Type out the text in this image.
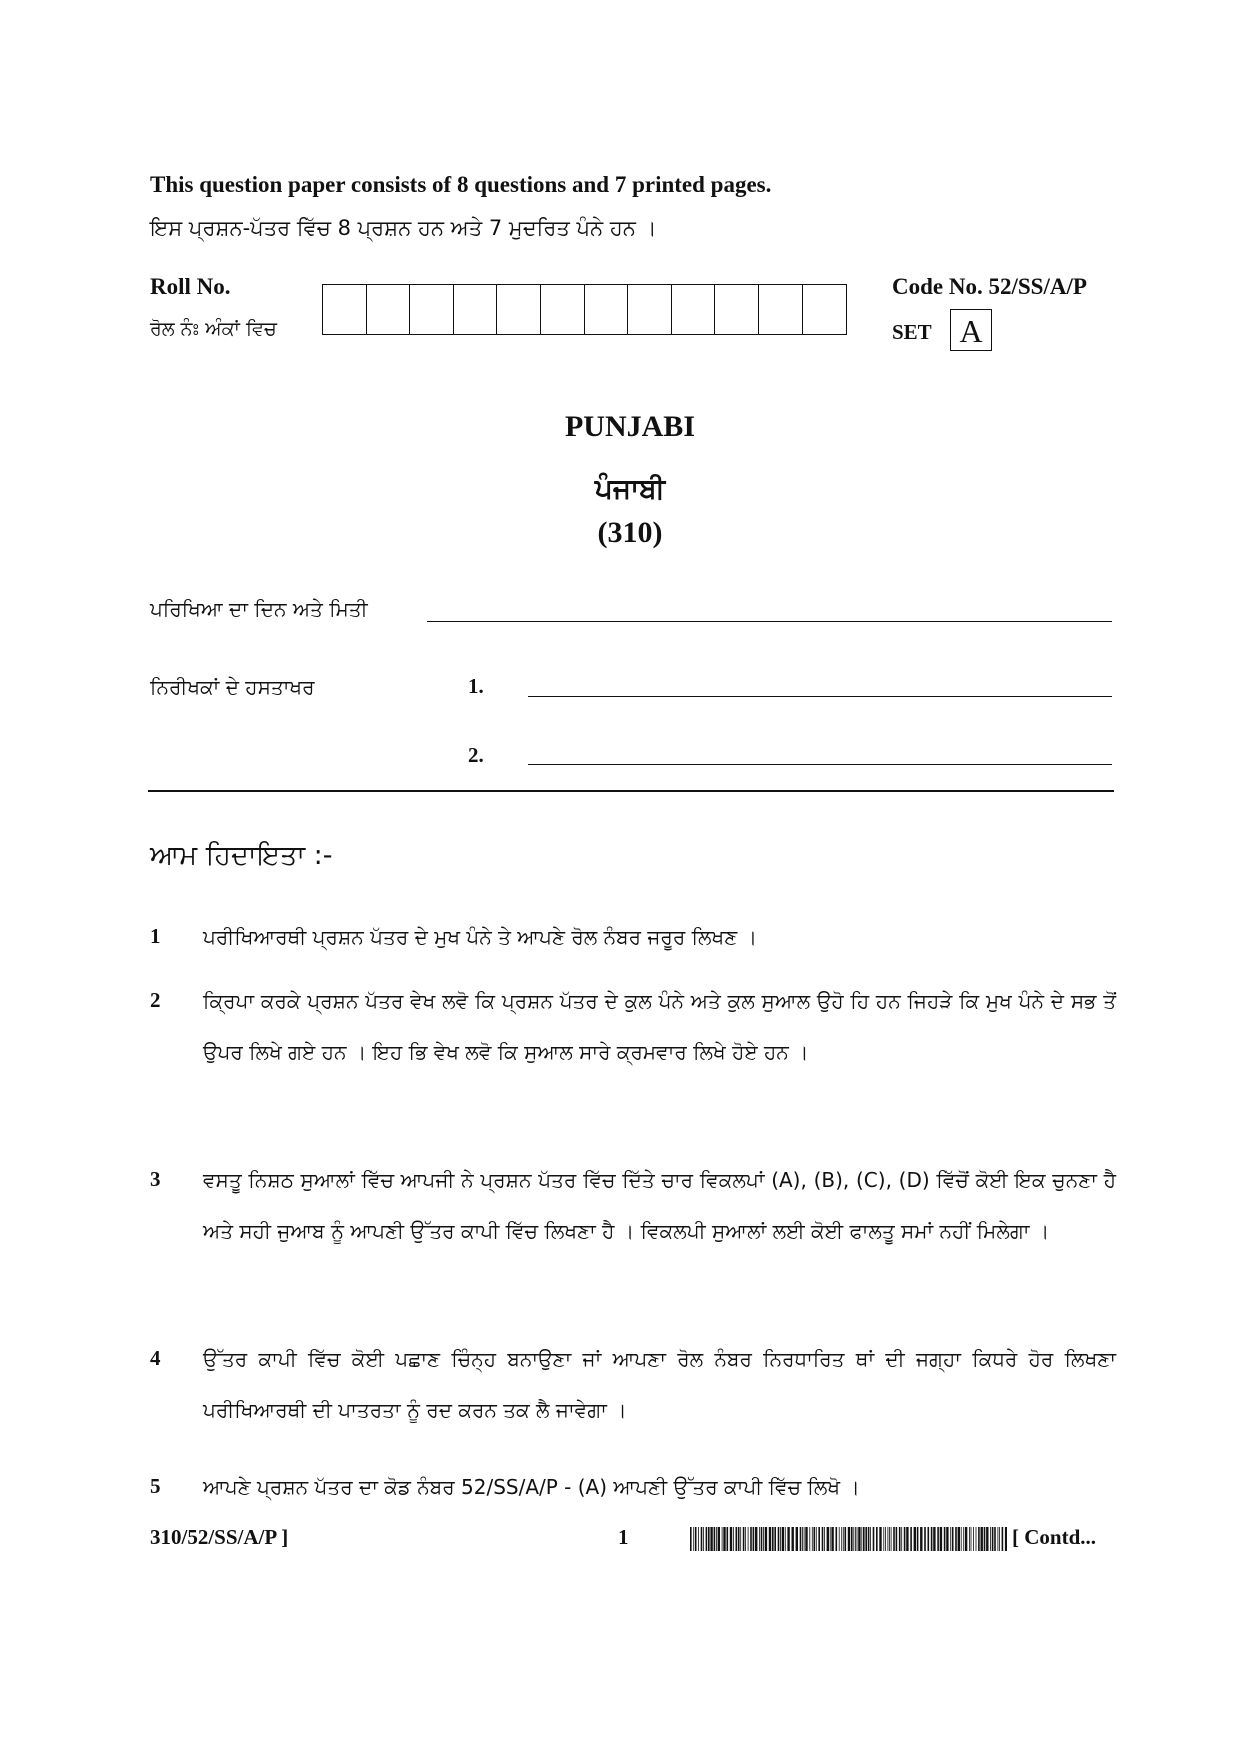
This question paper consists of 8 questions and 7 printed pages.
ਇਸ ਪ੍ਰਸ਼ਨ-ਪੱਤਰ ਵਿੱਚ 8 ਪ੍ਰਸ਼ਨ ਹਨ ਅਤੇ 7 ਮੁਦਰਿਤ ਪੰਨੇ ਹਨ ।
Roll No.
ਰੋਲ ਨੰਃ ਅੰਕਾਂ ਵਿਚ
Code No. 52/SS/A/P
SET A
PUNJABI
ਪੰਜਾਬੀ
(310)
ਪਰਿਖਿਆ ਦਾ ਦਿਨ ਅਤੇ ਮਿਤੀ
ਨਿਰੀਖਕਾਂ ਦੇ ਹਸਤਾਖਰ	1.
2.
ਆਮ ਹਿਦਾਇਤਾ :-
1 ਪਰੀਖਿਆਰਥੀ ਪ੍ਰਸ਼ਨ ਪੱਤਰ ਦੇ ਮੁਖ ਪੰਨੇ ਤੇ ਆਪਣੇ ਰੋਲ ਨੰਬਰ ਜਰੂਰ ਲਿਖਣ ।
2 ਕ੍ਰਿਪਾ ਕਰਕੇ ਪ੍ਰਸ਼ਨ ਪੱਤਰ ਵੇਖ ਲਵੋ ਕਿ ਪ੍ਰਸ਼ਨ ਪੱਤਰ ਦੇ ਕੁਲ ਪੰਨੇ ਅਤੇ ਕੁਲ ਸੁਆਲ ਉਹੋ ਹਿ ਹਨ ਜਿਹੜੇ ਕਿ ਮੁਖ ਪੰਨੇ ਦੇ ਸਭ ਤੋਂ ਉਪਰ ਲਿਖੇ ਗਏ ਹਨ । ਇਹ ਭਿ ਵੇਖ ਲਵੋ ਕਿ ਸੁਆਲ ਸਾਰੇ ਕ੍ਰਮਵਾਰ ਲਿਖੇ ਹੋਏ ਹਨ ।
3 ਵਸਤੂ ਨਿਸ਼ਠ ਸੁਆਲਾਂ ਵਿੱਚ ਆਪਜੀ ਨੇ ਪ੍ਰਸ਼ਨ ਪੱਤਰ ਵਿੱਚ ਦਿੱਤੇ ਚਾਰ ਵਿਕਲਪਾਂ (A), (B), (C), (D) ਵਿੱਚੋਂ ਕੋਈ ਇਕ ਚੁਨਣਾ ਹੈ ਅਤੇ ਸਹੀ ਜੁਆਬ ਨੂੰ ਆਪਣੀ ਉੱਤਰ ਕਾਪੀ ਵਿੱਚ ਲਿਖਣਾ ਹੈ । ਵਿਕਲਪੀ ਸੁਆਲਾਂ ਲਈ ਕੋਈ ਫਾਲਤੂ ਸਮਾਂ ਨਹੀਂ ਮਿਲੇਗਾ ।
4 ਉੱਤਰ ਕਾਪੀ ਵਿੱਚ ਕੋਈ ਪਛਾਣ ਚਿੰਨ੍ਹ ਬਨਾਉਣਾ ਜਾਂ ਆਪਣਾ ਰੋਲ ਨੰਬਰ ਨਿਰਧਾਰਿਤ ਥਾਂ ਦੀ ਜਗ੍ਹਾ ਕਿਧਰੇ ਹੋਰ ਲਿਖਣਾ ਪਰੀਖਿਆਰਥੀ ਦੀ ਪਾਤਰਤਾ ਨੂੰ ਰਦ ਕਰਨ ਤਕ ਲੈ ਜਾਵੇਗਾ ।
5 ਆਪਣੇ ਪ੍ਰਸ਼ਨ ਪੱਤਰ ਦਾ ਕੋਡ ਨੰਬਰ 52/SS/A/P - (A) ਆਪਣੀ ਉੱਤਰ ਕਾਪੀ ਵਿੱਚ ਲਿਖੋ ।
310/52/SS/A/P ]	1	[ Contd...
